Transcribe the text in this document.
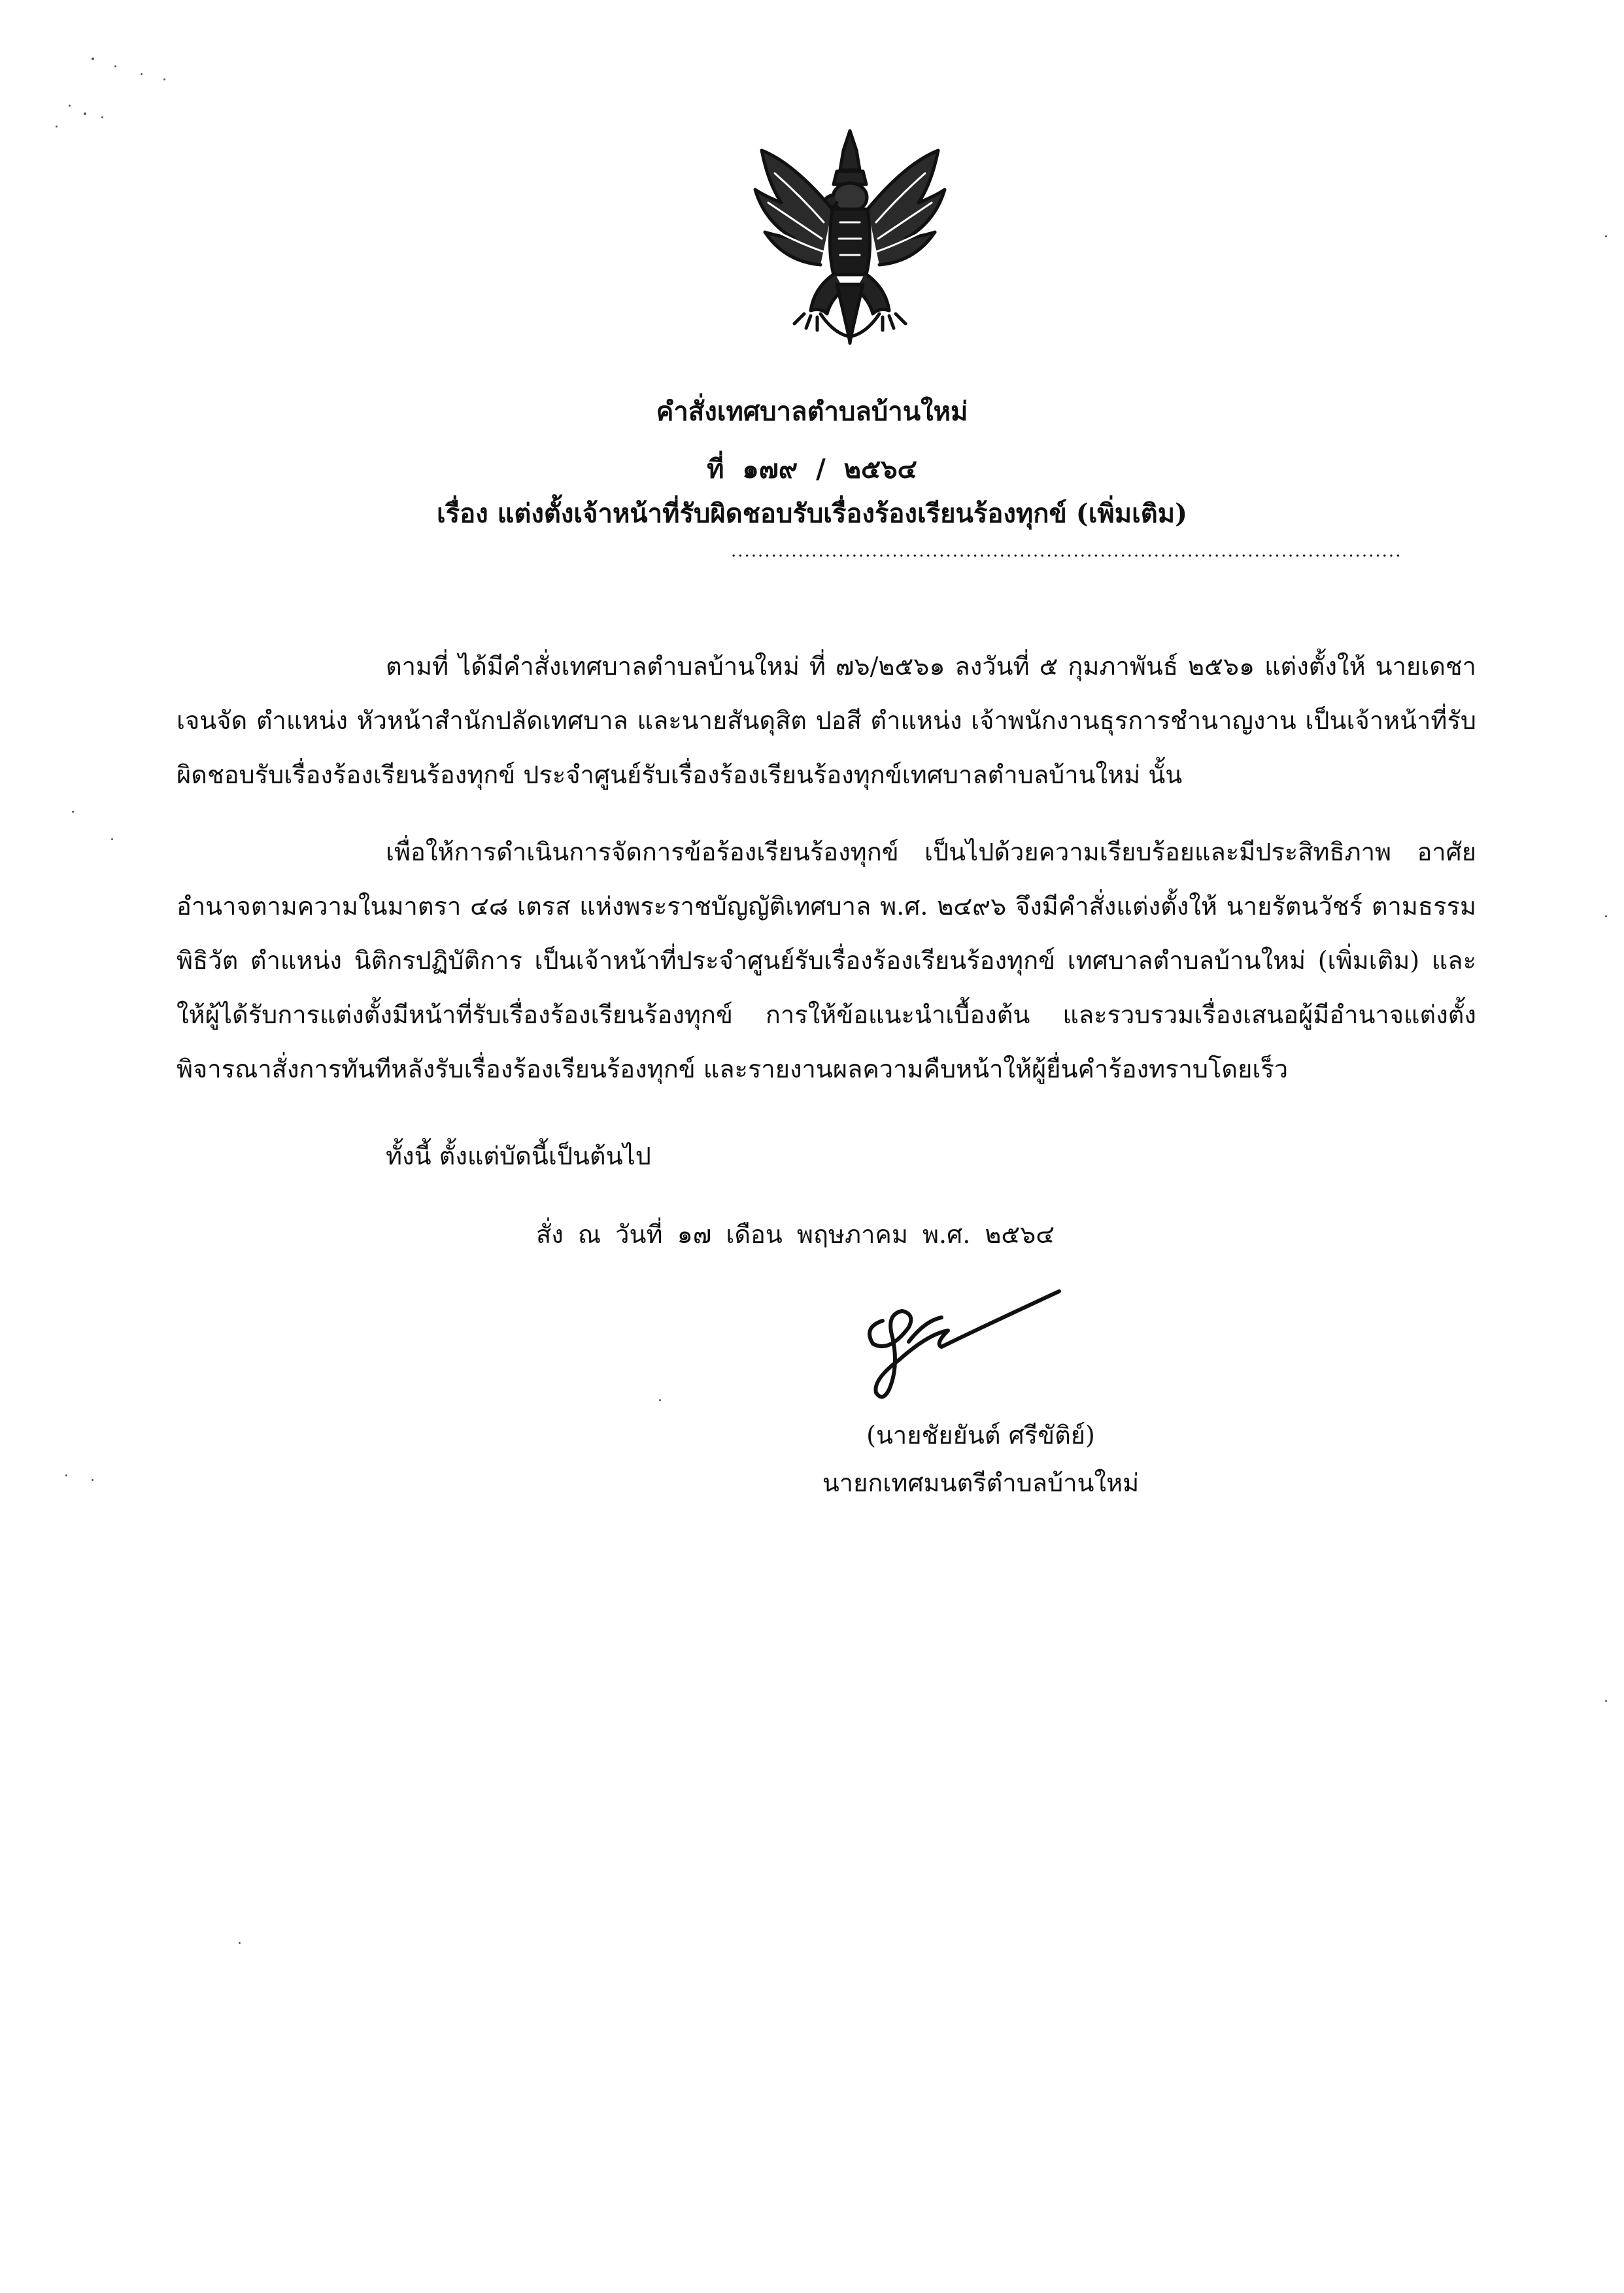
คำสั่งเทศบาลตำบลบ้านใหม่
ที่ ๑๗๙ / ๒๕๖๔
เรื่อง แต่งตั้งเจ้าหน้าที่รับผิดชอบรับเรื่องร้องเรียนร้องทุกข์ (เพิ่มเติม)
....................................................................................................
ตามที่ ได้มีคำสั่งเทศบาลตำบลบ้านใหม่ ที่ ๗๖/๒๕๖๑ ลงวันที่ ๕ กุมภาพันธ์ ๒๕๖๑ แต่งตั้งให้ นายเดชา เจนจัด ตำแหน่ง หัวหน้าสำนักปลัดเทศบาล และนายสันดุสิต ปอสี ตำแหน่ง เจ้าพนักงานธุรการชำนาญงาน เป็นเจ้าหน้าที่รับผิดชอบรับเรื่องร้องเรียนร้องทุกข์ ประจำศูนย์รับเรื่องร้องเรียนร้องทุกข์เทศบาลตำบลบ้านใหม่ นั้น
เพื่อให้การดำเนินการจัดการข้อร้องเรียนร้องทุกข์ เป็นไปด้วยความเรียบร้อยและมีประสิทธิภาพ อาศัยอำนาจตามความในมาตรา ๔๘ เตรส แห่งพระราชบัญญัติเทศบาล พ.ศ. ๒๔๙๖ จึงมีคำสั่งแต่งตั้งให้ นายรัตนวัชร์ ตามธรรมพิธิวัต ตำแหน่ง นิติกรปฏิบัติการ เป็นเจ้าหน้าที่ประจำศูนย์รับเรื่องร้องเรียนร้องทุกข์ เทศบาลตำบลบ้านใหม่ (เพิ่มเติม) และให้ผู้ได้รับการแต่งตั้งมีหน้าที่รับเรื่องร้องเรียนร้องทุกข์ การให้ข้อแนะนำเบื้องต้น และรวบรวมเรื่องเสนอผู้มีอำนาจแต่งตั้งพิจารณาสั่งการทันทีหลังรับเรื่องร้องเรียนร้องทุกข์ และรายงานผลความคืบหน้าให้ผู้ยื่นคำร้องทราบโดยเร็ว
ทั้งนี้ ตั้งแต่บัดนี้เป็นต้นไป
สั่ง ณ วันที่ ๑๗ เดือน พฤษภาคม พ.ศ. ๒๕๖๔
(นายชัยยันต์ ศรีขัติย์)
นายกเทศมนตรีตำบลบ้านใหม่
